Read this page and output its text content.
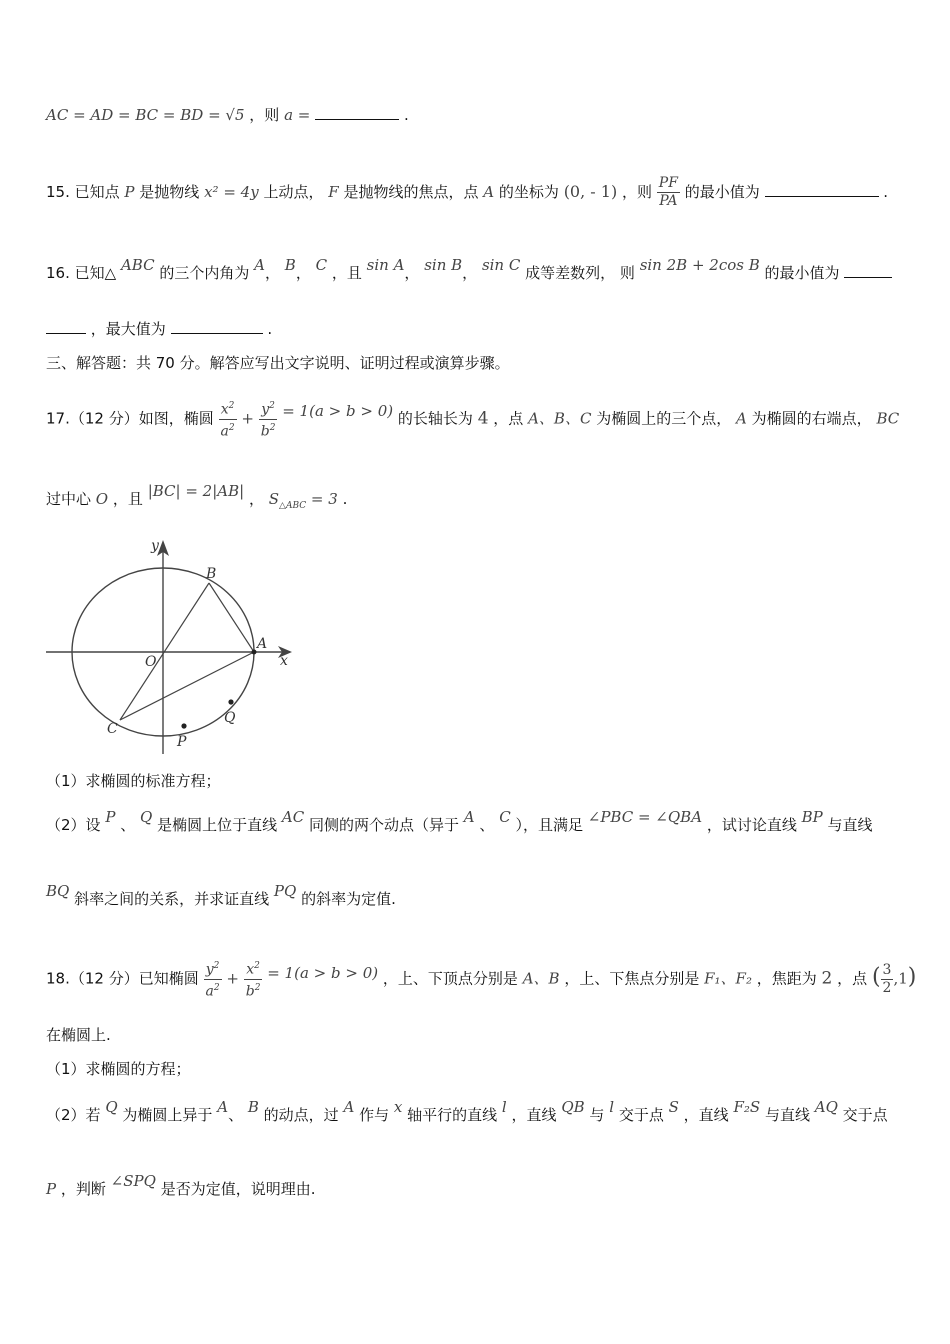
AC = AD = BC = BD = √5 ，则 a =	.
15. 已知点 P 是抛物线 x² = 4y 上动点， F 是抛物线的焦点，点 A 的坐标为 (0, - 1) ，则 $\frac{PF}{PA}$ 的最小值为	.
16. 已知△ ABC 的三个内角为 A， B， C ，且 sin A， sin B， sin C 成等差数列， 则 sin 2B + 2cos B 的最小值为
，最大值为	.
三、解答题：共 70 分。解答应写出文字说明、证明过程或演算步骤。
17.（12 分）如图，椭圆 $\frac{x^2}{a^2} + \frac{y^2}{b^2} = 1(a > b > 0)$ 的长轴长为 4 ，点 A、B、C 为椭圆上的三个点， A 为椭圆的右端点， BC
过中心 O ，且 |BC| = 2|AB| ， $S_{\triangle ABC} = 3$ .
y
x
O
A
B
C
P
Q
（1）求椭圆的标准方程；
（2）设 P 、 Q 是椭圆上位于直线 AC 同侧的两个动点（异于 A 、 C ），且满足 ∠PBC = ∠QBA ，试讨论直线 BP 与直线
BQ 斜率之间的关系，并求证直线 PQ 的斜率为定值.
18.（12 分）已知椭圆 $\frac{y^2}{a^2} + \frac{x^2}{b^2} = 1(a > b > 0)$ ，上、下顶点分别是 A、B ，上、下焦点分别是 F₁、F₂ ，焦距为 2 ，点 ( $\frac{3}{2} ,1$)
在椭圆上.
（1）求椭圆的方程；
（2）若 Q 为椭圆上异于 A、 B 的动点，过 A 作与 x 轴平行的直线 l ，直线 QB 与 l 交于点 S ，直线 F₂S 与直线 AQ 交于点
P ，判断 ∠SPQ 是否为定值，说明理由.
